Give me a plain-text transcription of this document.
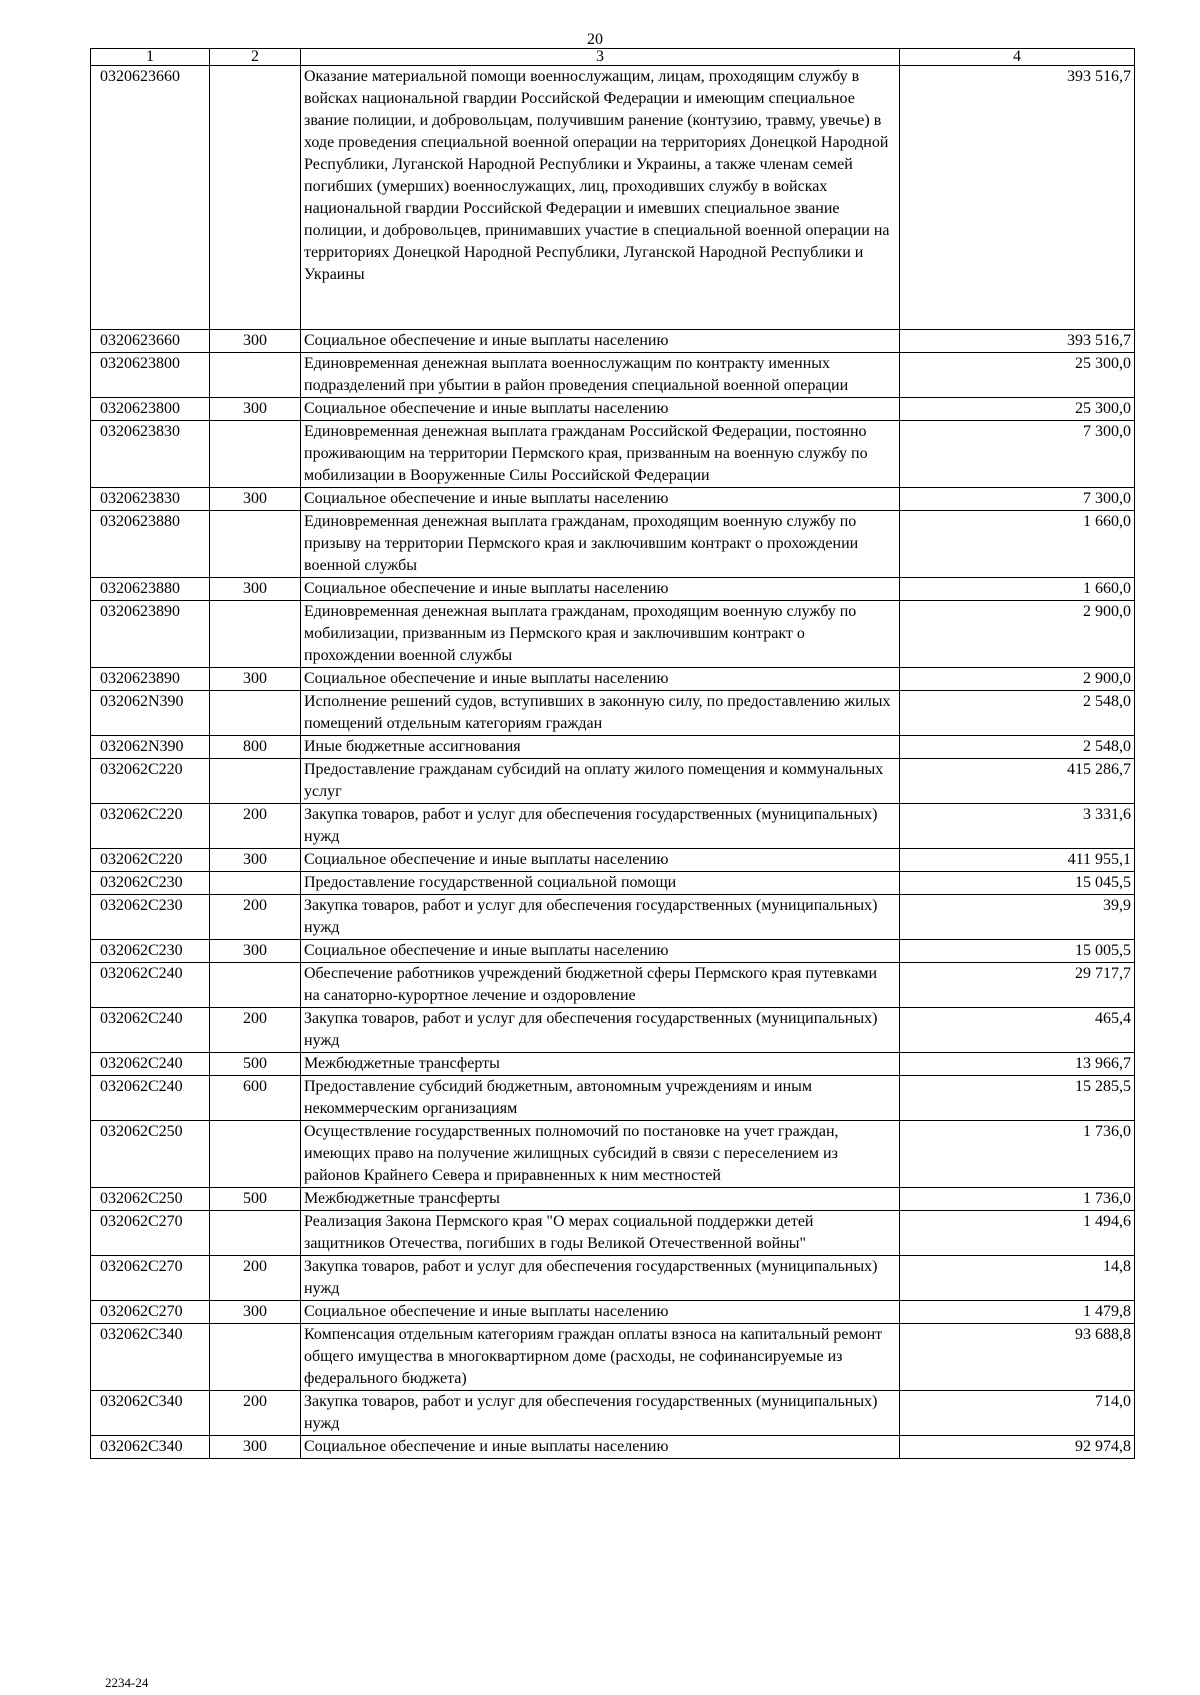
20
1	2	3	4
0320623660		Оказание материальной помощи военнослужащим, лицам, проходящим службу в войсках национальной гвардии Российской Федерации и имеющим специальное звание полиции, и добровольцам, получившим ранение (контузию, травму, увечье) в ходе проведения специальной военной операции на территориях Донецкой Народной Республики, Луганской Народной Республики и Украины, а также членам семей погибших (умерших) военнослужащих, лиц, проходивших службу в войсках национальной гвардии Российской Федерации и имевших специальное звание полиции, и добровольцев, принимавших участие в специальной военной операции на территориях Донецкой Народной Республики, Луганской Народной Республики и Украины	393 516,7
0320623660	300	Социальное обеспечение и иные выплаты населению	393 516,7
0320623800		Единовременная денежная выплата военнослужащим по контракту именных подразделений при убытии в район проведения специальной военной операции	25 300,0
0320623800	300	Социальное обеспечение и иные выплаты населению	25 300,0
0320623830		Единовременная денежная выплата гражданам Российской Федерации, постоянно проживающим на территории Пермского края, призванным на военную службу по мобилизации в Вооруженные Силы Российской Федерации	7 300,0
0320623830	300	Социальное обеспечение и иные выплаты населению	7 300,0
0320623880		Единовременная денежная выплата гражданам, проходящим военную службу по призыву на территории Пермского края и заключившим контракт о прохождении военной службы	1 660,0
0320623880	300	Социальное обеспечение и иные выплаты населению	1 660,0
0320623890		Единовременная денежная выплата гражданам, проходящим военную службу по мобилизации, призванным из Пермского края и заключившим контракт о прохождении военной службы	2 900,0
0320623890	300	Социальное обеспечение и иные выплаты населению	2 900,0
032062N390		Исполнение решений судов, вступивших в законную силу, по предоставлению жилых помещений отдельным категориям граждан	2 548,0
032062N390	800	Иные бюджетные ассигнования	2 548,0
032062С220		Предоставление гражданам субсидий на оплату жилого помещения и коммунальных услуг	415 286,7
032062С220	200	Закупка товаров, работ и услуг для обеспечения государственных (муниципальных) нужд	3 331,6
032062С220	300	Социальное обеспечение и иные выплаты населению	411 955,1
032062С230		Предоставление государственной социальной помощи	15 045,5
032062С230	200	Закупка товаров, работ и услуг для обеспечения государственных (муниципальных) нужд	39,9
032062С230	300	Социальное обеспечение и иные выплаты населению	15 005,5
032062С240		Обеспечение работников учреждений бюджетной сферы Пермского края путевками на санаторно-курортное лечение и оздоровление	29 717,7
032062С240	200	Закупка товаров, работ и услуг для обеспечения государственных (муниципальных) нужд	465,4
032062С240	500	Межбюджетные трансферты	13 966,7
032062С240	600	Предоставление субсидий бюджетным, автономным учреждениям и иным некоммерческим организациям	15 285,5
032062С250		Осуществление государственных полномочий по постановке на учет граждан, имеющих право на получение жилищных субсидий в связи с переселением из районов Крайнего Севера и приравненных к ним местностей	1 736,0
032062С250	500	Межбюджетные трансферты	1 736,0
032062С270		Реализация Закона Пермского края "О мерах социальной поддержки детей защитников Отечества, погибших в годы Великой Отечественной войны"	1 494,6
032062С270	200	Закупка товаров, работ и услуг для обеспечения государственных (муниципальных) нужд	14,8
032062С270	300	Социальное обеспечение и иные выплаты населению	1 479,8
032062С340		Компенсация отдельным категориям граждан оплаты взноса на капитальный ремонт общего имущества в многоквартирном доме (расходы, не софинансируемые из федерального бюджета)	93 688,8
032062С340	200	Закупка товаров, работ и услуг для обеспечения государственных (муниципальных) нужд	714,0
032062С340	300	Социальное обеспечение и иные выплаты населению	92 974,8
2234-24
